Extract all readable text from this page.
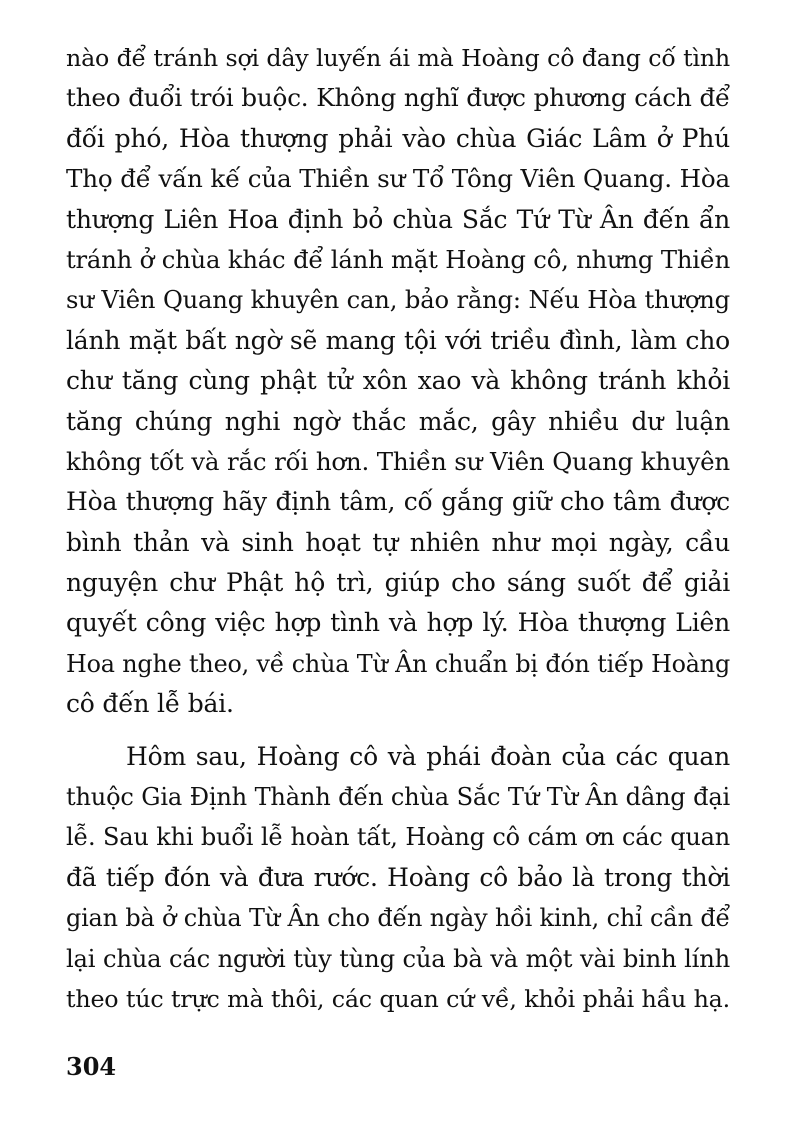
nào để tránh sợi dây luyến ái mà Hoàng cô đang cố tình
theo đuổi trói buộc. Không nghĩ được phương cách để
đối phó, Hòa thượng phải vào chùa Giác Lâm ở Phú
Thọ để vấn kế của Thiền sư Tổ Tông Viên Quang. Hòa
thượng Liên Hoa định bỏ chùa Sắc Tứ Từ Ân đến ẩn
tránh ở chùa khác để lánh mặt Hoàng cô, nhưng Thiền
sư Viên Quang khuyên can, bảo rằng: Nếu Hòa thượng
lánh mặt bất ngờ sẽ mang tội với triều đình, làm cho
chư tăng cùng phật tử xôn xao và không tránh khỏi
tăng chúng nghi ngờ thắc mắc, gây nhiều dư luận
không tốt và rắc rối hơn. Thiền sư Viên Quang khuyên
Hòa thượng hãy định tâm, cố gắng giữ cho tâm được
bình thản và sinh hoạt tự nhiên như mọi ngày, cầu
nguyện chư Phật hộ trì, giúp cho sáng suốt để giải
quyết công việc hợp tình và hợp lý. Hòa thượng Liên
Hoa nghe theo, về chùa Từ Ân chuẩn bị đón tiếp Hoàng
cô đến lễ bái.
Hôm sau, Hoàng cô và phái đoàn của các quan
thuộc Gia Định Thành đến chùa Sắc Tứ Từ Ân dâng đại
lễ. Sau khi buổi lễ hoàn tất, Hoàng cô cám ơn các quan
đã tiếp đón và đưa rước. Hoàng cô bảo là trong thời
gian bà ở chùa Từ Ân cho đến ngày hồi kinh, chỉ cần để
lại chùa các người tùy tùng của bà và một vài binh lính
theo túc trực mà thôi, các quan cứ về, khỏi phải hầu hạ.
304
